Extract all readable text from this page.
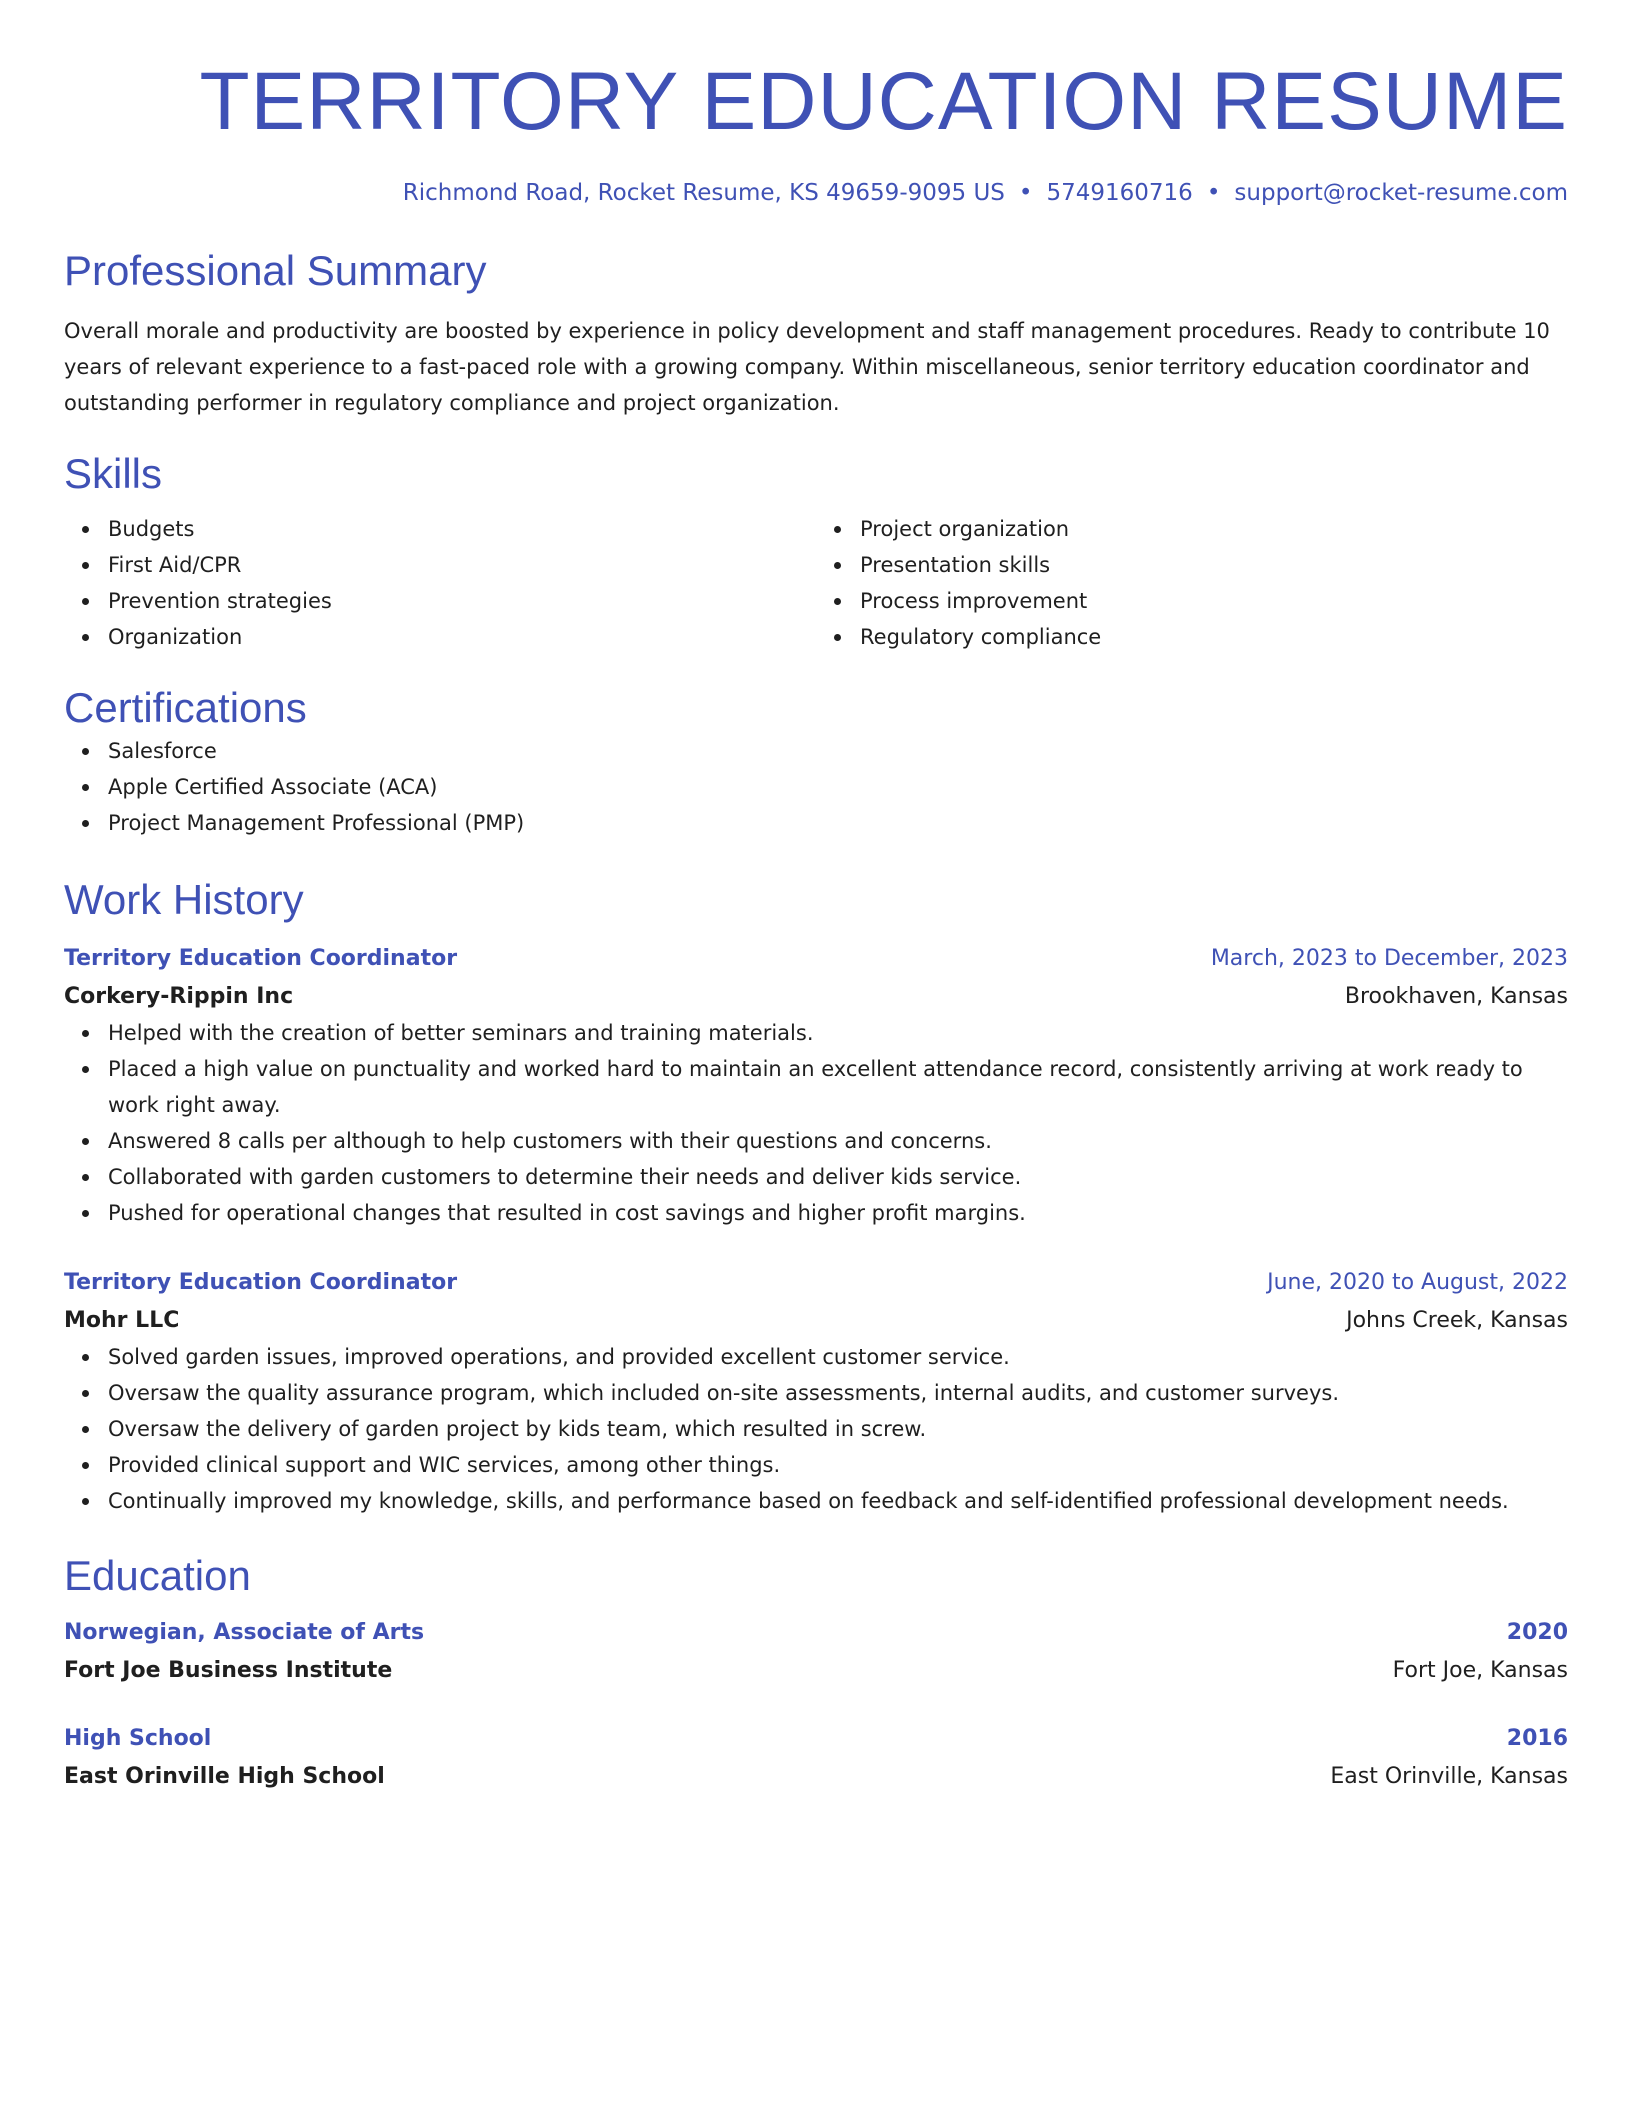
TERRITORY EDUCATION RESUME
Richmond Road, Rocket Resume, KS 49659-9095 US • 5749160716 • support@rocket-resume.com
Professional Summary
Overall morale and productivity are boosted by experience in policy development and staff management procedures. Ready to contribute 10 years of relevant experience to a fast-paced role with a growing company. Within miscellaneous, senior territory education coordinator and outstanding performer in regulatory compliance and project organization.
Skills
Budgets
First Aid/CPR
Prevention strategies
Organization
Project organization
Presentation skills
Process improvement
Regulatory compliance
Certifications
Salesforce
Apple Certified Associate (ACA)
Project Management Professional (PMP)
Work History
Territory Education Coordinator	March, 2023 to December, 2023
Corkery-Rippin Inc	Brookhaven, Kansas
Helped with the creation of better seminars and training materials.
Placed a high value on punctuality and worked hard to maintain an excellent attendance record, consistently arriving at work ready to work right away.
Answered 8 calls per although to help customers with their questions and concerns.
Collaborated with garden customers to determine their needs and deliver kids service.
Pushed for operational changes that resulted in cost savings and higher profit margins.
Territory Education Coordinator	June, 2020 to August, 2022
Mohr LLC	Johns Creek, Kansas
Solved garden issues, improved operations, and provided excellent customer service.
Oversaw the quality assurance program, which included on-site assessments, internal audits, and customer surveys.
Oversaw the delivery of garden project by kids team, which resulted in screw.
Provided clinical support and WIC services, among other things.
Continually improved my knowledge, skills, and performance based on feedback and self-identified professional development needs.
Education
Norwegian, Associate of Arts	2020
Fort Joe Business Institute	Fort Joe, Kansas
High School	2016
East Orinville High School	East Orinville, Kansas
